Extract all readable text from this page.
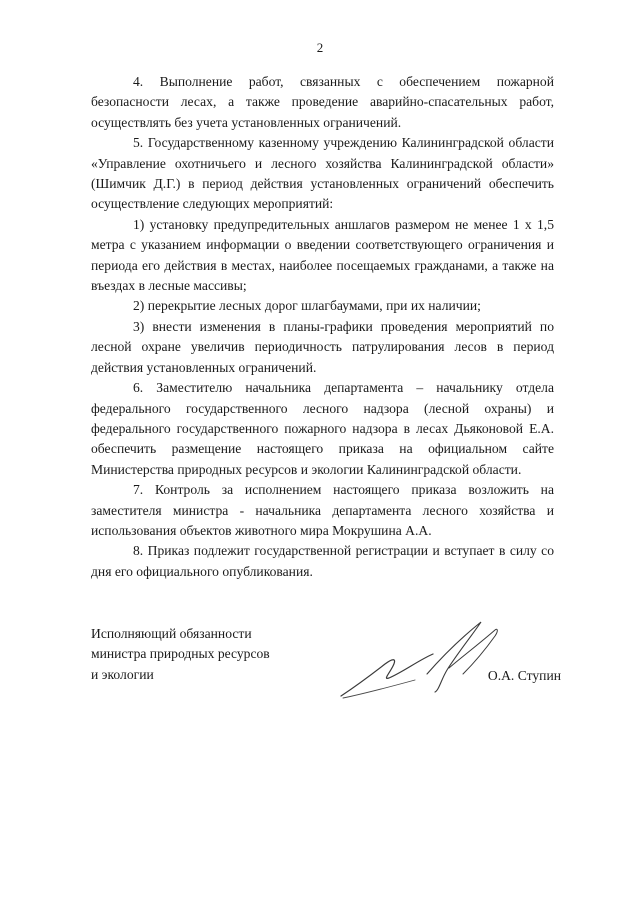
2

4. Выполнение работ, связанных с обеспечением пожарной безопасности лесах, а также проведение аварийно-спасательных работ, осуществлять без учета установленных ограничений.

5. Государственному казенному учреждению Калининградской области «Управление охотничьего и лесного хозяйства Калининградской области» (Шимчик Д.Г.) в период действия установленных ограничений обеспечить осуществление следующих мероприятий:

1) установку предупредительных аншлагов размером не менее 1 х 1,5 метра с указанием информации о введении соответствующего ограничения и периода его действия в местах, наиболее посещаемых гражданами, а также на въездах в лесные массивы;

2) перекрытие лесных дорог шлагбаумами, при их наличии;

3) внести изменения в планы-графики проведения мероприятий по лесной охране увеличив периодичность патрулирования лесов в период действия установленных ограничений.

6. Заместителю начальника департамента – начальнику отдела федерального государственного лесного надзора (лесной охраны) и федерального государственного пожарного надзора в лесах Дьяконовой Е.А. обеспечить размещение настоящего приказа на официальном сайте Министерства природных ресурсов и экологии Калининградской области.

7. Контроль за исполнением настоящего приказа возложить на заместителя министра - начальника департамента лесного хозяйства и использования объектов животного мира Мокрушина А.А.

8. Приказ подлежит государственной регистрации и вступает в силу со дня его официального опубликования.

Исполняющий обязанности
министра природных ресурсов
и экологии	О.А. Ступин
